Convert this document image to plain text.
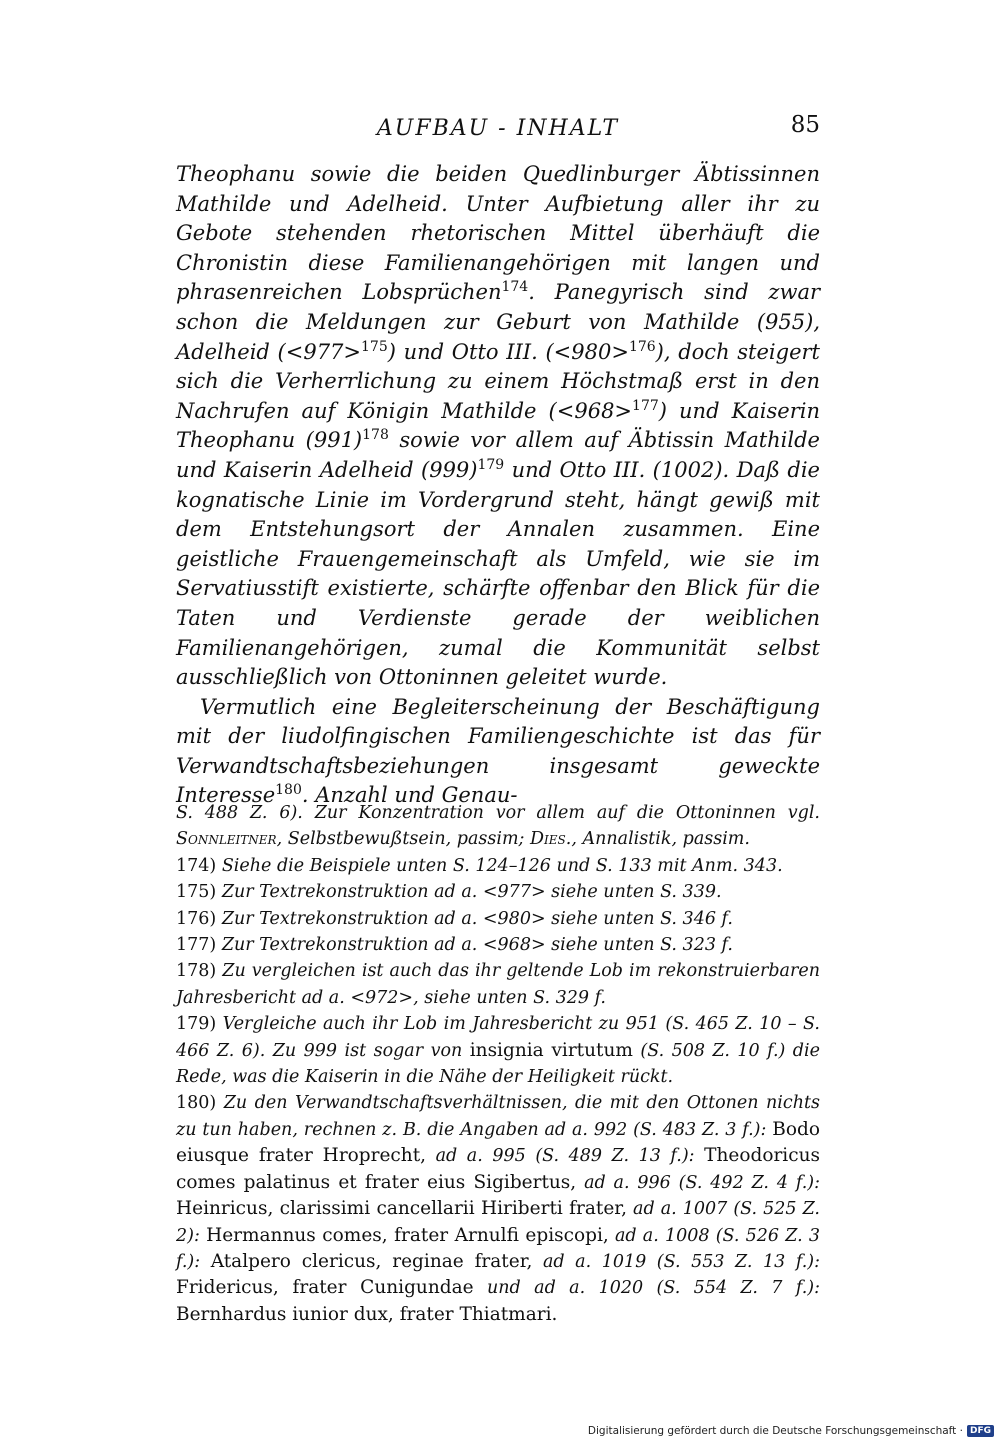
AUFBAU - INHALT	85

Theophanu sowie die beiden Quedlinburger Äbtissinnen Mathilde und Adelheid. Unter Aufbietung aller ihr zu Gebote stehenden rhetorischen Mittel überhäuft die Chronistin diese Familienangehörigen mit langen und phrasenreichen Lobsprüchen$^{174}$. Panegyrisch sind zwar schon die Meldungen zur Geburt von Mathilde (955), Adelheid (<977>$^{175}$) und Otto III. (<980>$^{176}$), doch steigert sich die Verherrlichung zu einem Höchstmaß erst in den Nachrufen auf Königin Mathilde (<968>$^{177}$) und Kaiserin Theophanu (991)$^{178}$ sowie vor allem auf Äbtissin Mathilde und Kaiserin Adelheid (999)$^{179}$ und Otto III. (1002). Daß die kognatische Linie im Vordergrund steht, hängt gewiß mit dem Entstehungsort der Annalen zusammen. Eine geistliche Frauengemeinschaft als Umfeld, wie sie im Servatiusstift existierte, schärfte offenbar den Blick für die Taten und Verdienste gerade der weiblichen Familienangehörigen, zumal die Kommunität selbst ausschließlich von Ottoninnen geleitet wurde.

Vermutlich eine Begleiterscheinung der Beschäftigung mit der liudolfingischen Familiengeschichte ist das für Verwandtschaftsbeziehungen insgesamt geweckte Interesse$^{180}$. Anzahl und Genau-

S. 488 Z. 6). Zur Konzentration vor allem auf die Ottoninnen vgl. Sonnleitner, Selbstbewußtsein, passim; Dies., Annalistik, passim.

174) Siehe die Beispiele unten S. 124–126 und S. 133 mit Anm. 343.

175) Zur Textrekonstruktion ad a. <977> siehe unten S. 339.

176) Zur Textrekonstruktion ad a. <980> siehe unten S. 346 f.

177) Zur Textrekonstruktion ad a. <968> siehe unten S. 323 f.

178) Zu vergleichen ist auch das ihr geltende Lob im rekonstruierbaren Jahresbericht ad a. <972>, siehe unten S. 329 f.

179) Vergleiche auch ihr Lob im Jahresbericht zu 951 (S. 465 Z. 10 – S. 466 Z. 6). Zu 999 ist sogar von insignia virtutum (S. 508 Z. 10 f.) die Rede, was die Kaiserin in die Nähe der Heiligkeit rückt.

180) Zu den Verwandtschaftsverhältnissen, die mit den Ottonen nichts zu tun haben, rechnen z. B. die Angaben ad a. 992 (S. 483 Z. 3 f.): Bodo eiusque frater Hroprecht, ad a. 995 (S. 489 Z. 13 f.): Theodoricus comes palatinus et frater eius Sigibertus, ad a. 996 (S. 492 Z. 4 f.): Heinricus, clarissimi cancellarii Hiriberti frater, ad a. 1007 (S. 525 Z. 2): Hermannus comes, frater Arnulfi episcopi, ad a. 1008 (S. 526 Z. 3 f.): Atalpero clericus, reginae frater, ad a. 1019 (S. 553 Z. 13 f.): Fridericus, frater Cunigundae und ad a. 1020 (S. 554 Z. 7 f.): Bernhardus iunior dux, frater Thiatmari.

Digitalisierung gefördert durch die Deutsche Forschungsgemeinschaft · DFG
